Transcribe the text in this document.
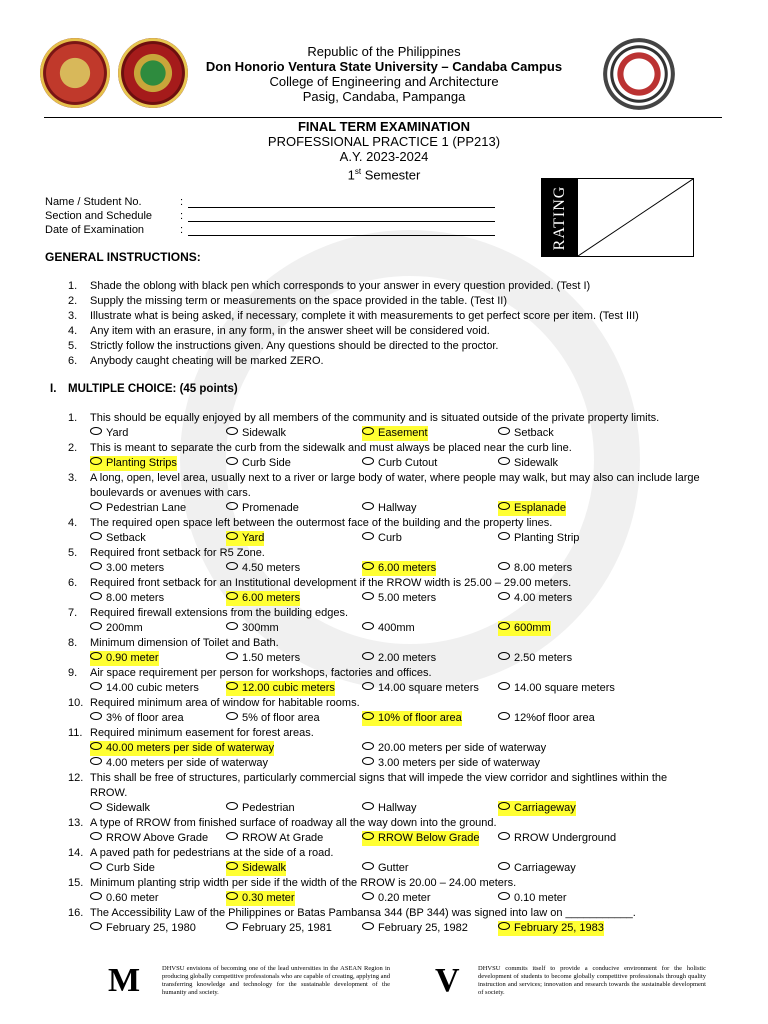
Republic of the Philippines
Don Honorio Ventura State University – Candaba Campus
College of Engineering and Architecture
Pasig, Candaba, Pampanga
FINAL TERM EXAMINATION
PROFESSIONAL PRACTICE 1 (PP213)
A.Y. 2023-2024
1st Semester
Name / Student No.	:
Section and Schedule	:
Date of Examination	:	RATING
GENERAL INSTRUCTIONS:
1. Shade the oblong with black pen which corresponds to your answer in every question provided. (Test I)
2. Supply the missing term or measurements on the space provided in the table. (Test II)
3. Illustrate what is being asked, if necessary, complete it with measurements to get perfect score per item. (Test III)
4. Any item with an erasure, in any form, in the answer sheet will be considered void.
5. Strictly follow the instructions given. Any questions should be directed to the proctor.
6. Anybody caught cheating will be marked ZERO.
I. MULTIPLE CHOICE: (45 points)
1. This should be equally enjoyed by all members of the community and is situated outside of the private property limits.
Yard	Sidewalk	Easement	Setback
2. This is meant to separate the curb from the sidewalk and must always be placed near the curb line.
Planting Strips	Curb Side	Curb Cutout	Sidewalk
3. A long, open, level area, usually next to a river or large body of water, where people may walk, but may also can include large
boulevards or avenues with cars.
Pedestrian Lane	Promenade	Hallway	Esplanade
4. The required open space left between the outermost face of the building and the property lines.
Setback	Yard	Curb	Planting Strip
5. Required front setback for R5 Zone.
3.00 meters	4.50 meters	6.00 meters	8.00 meters
6. Required front setback for an Institutional development if the RROW width is 25.00 – 29.00 meters.
8.00 meters	6.00 meters	5.00 meters	4.00 meters
7. Required firewall extensions from the building edges.
200mm	300mm	400mm	600mm
8. Minimum dimension of Toilet and Bath.
0.90 meter	1.50 meters	2.00 meters	2.50 meters
9. Air space requirement per person for workshops, factories and offices.
14.00 cubic meters	12.00 cubic meters	14.00 square meters	14.00 square meters
10. Required minimum area of window for habitable rooms.
3% of floor area	5% of floor area	10% of floor area	12%of floor area
11. Required minimum easement for forest areas.
40.00 meters per side of waterway	20.00 meters per side of waterway
4.00 meters per side of waterway	3.00 meters per side of waterway
12. This shall be free of structures, particularly commercial signs that will impede the view corridor and sightlines within the
RROW.
Sidewalk	Pedestrian	Hallway	Carriageway
13. A type of RROW from finished surface of roadway all the way down into the ground.
RROW Above Grade	RROW At Grade	RROW Below Grade	RROW Underground
14. A paved path for pedestrians at the side of a road.
Curb Side	Sidewalk	Gutter	Carriageway
15. Minimum planting strip width per side if the width of the RROW is 20.00 – 24.00 meters.
0.60 meter	0.30 meter	0.20 meter	0.10 meter
16. The Accessibility Law of the Philippines or Batas Pambansa 344 (BP 344) was signed into law on ___________.
February 25, 1980	February 25, 1981	February 25, 1982	February 25, 1983
M	DHVSU envisions of becoming one of the lead universities in the ASEAN Region in producing globally competitive professionals who are capable of creating, applying and transferring knowledge and technology for the sustainable development of the humanity and society.	V	DHVSU commits itself to provide a conducive environment for the holistic development of students to become globally competitive professionals through quality instruction and services; innovation and research towards the sustainable development of society.
